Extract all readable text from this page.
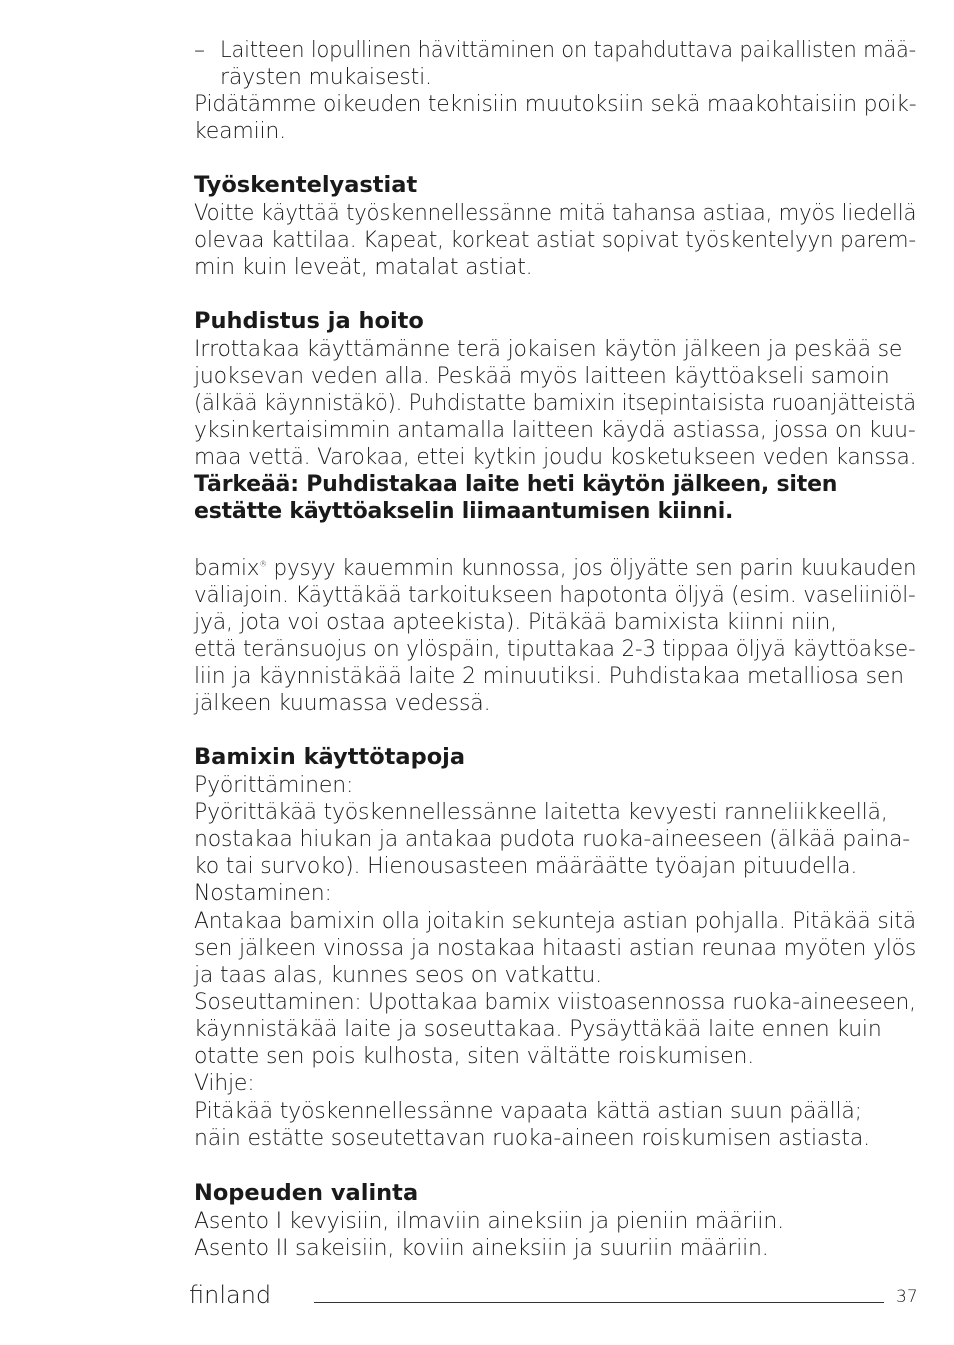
– Laitteen lopullinen hävittäminen on tapahduttava paikallisten mää-
räysten mukaisesti.
Pidätämme oikeuden teknisiin muutoksiin sekä maakohtaisiin poik-
keamiin.
Työskentelyastiat
Voitte käyttää työskennellessänne mitä tahansa astiaa, myös liedellä
olevaa kattilaa. Kapeat, korkeat astiat sopivat työskentelyyn parem-
min kuin leveät, matalat astiat.
Puhdistus ja hoito
Irrottakaa käyttämänne terä jokaisen käytön jälkeen ja peskää se
juoksevan veden alla. Peskää myös laitteen käyttöakseli samoin
(älkää käynnistäkö). Puhdistatte bamixin itsepintaisista ruoanjätteistä
yksinkertaisimmin antamalla laitteen käydä astiassa, jossa on kuu-
maa vettä. Varokaa, ettei kytkin joudu kosketukseen veden kanssa.
Tärkeää: Puhdistakaa laite heti käytön jälkeen, siten
estätte käyttöakselin liimaantumisen kiinni.
bamix® pysyy kauemmin kunnossa, jos öljyätte sen parin kuukauden
väliajoin. Käyttäkää tarkoitukseen hapotonta öljyä (esim. vaseliiniöl-
jyä, jota voi ostaa apteekista). Pitäkää bamixista kiinni niin,
että teränsuojus on ylöspäin, tiputtakaa 2-3 tippaa öljyä käyttöakse-
liin ja käynnistäkää laite 2 minuutiksi. Puhdistakaa metalliosa sen
jälkeen kuumassa vedessä.
Bamixin käyttötapoja
Pyörittäminen:
Pyörittäkää työskennellessänne laitetta kevyesti ranneliikkeellä,
nostakaa hiukan ja antakaa pudota ruoka-aineeseen (älkää paina-
ko tai survoko). Hienousasteen määräätte työajan pituudella.
Nostaminen:
Antakaa bamixin olla joitakin sekunteja astian pohjalla. Pitäkää sitä
sen jälkeen vinossa ja nostakaa hitaasti astian reunaa myöten ylös
ja taas alas, kunnes seos on vatkattu.
Soseuttaminen: Upottakaa bamix viistoasennossa ruoka-aineeseen,
käynnistäkää laite ja soseuttakaa. Pysäyttäkää laite ennen kuin
otatte sen pois kulhosta, siten vältätte roiskumisen.
Vihje:
Pitäkää työskennellessänne vapaata kättä astian suun päällä;
näin estätte soseutettavan ruoka-aineen roiskumisen astiasta.
Nopeuden valinta
Asento I kevyisiin, ilmaviin aineksiin ja pieniin määriin.
Asento II sakeisiin, koviin aineksiin ja suuriin määriin.
finland	37
